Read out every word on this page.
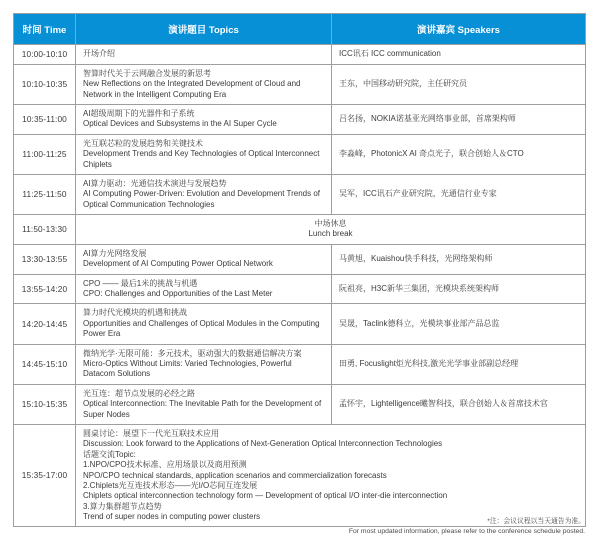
时间 Time	演讲题目 Topics	演讲嘉宾 Speakers
10:00-10:10	开场介绍	ICC讯石 ICC communication
10:10-10:35	智算时代关于云网融合发展的新思考
New Reflections on the Integrated Development of Cloud and Network in the Intelligent Computing Era	王东，中国移动研究院，主任研究员
10:35-11:00	AI超级周期下的光器件和子系统
Optical Devices and Subsystems in the AI Super Cycle	吕名扬，NOKIA诺基亚光网络事业部，首席架构师
11:00-11:25	光互联芯粒的发展趋势和关键技术
Development Trends and Key Technologies of Optical Interconnect Chiplets	李淼峰，PhotonicX AI 奇点光子，联合创始人＆CTO
11:25-11:50	AI算力驱动：光通信技术演进与发展趋势
AI Computing Power-Driven: Evolution and Development Trends of Optical Communication Technologies	吴军，ICC讯石产业研究院，光通信行业专家
11:50-13:30	中场休息
Lunch break	

13:30-13:55	AI算力光网络发展
Development of AI Computing Power Optical Network	马黄旭，Kuaishou快手科技，光网络架构师
13:55-14:20	CPO —— 最后1米的挑战与机遇
CPO: Challenges and Opportunities of the Last Meter	阮祖亮，H3C新华三集团，光模块系统架构师
14:20-14:45	算力时代光模块的机遇和挑战
Opportunities and Challenges of Optical Modules in the Computing Power Era	吴晟，Taclink德科立，光模块事业部产品总监
14:45-15:10	微纳光学·无限可能：多元技术，驱动强大的数据通信解决方案
Micro-Optics Without Limits: Varied Technologies, Powerful Datacom Solutions	田勇, Focuslight炬光科技,激光光学事业部副总经理
15:10-15:35	光互连：超节点发展的必经之路
Optical Interconnection: The Inevitable Path for the Development of Super Nodes	孟怀宇，Lightelligence曦智科技，联合创始人＆首席技术官
15:35-17:00	
圆桌讨论：展望下一代光互联技术应用
Discussion: Look forward to the Applications of Next-Generation Optical Interconnection Technologies
话题交流Topic:
1.NPO/CPO技术标准、应用场景以及商用预测
NPO/CPO technical standards, application scenarios and commercialization forecasts
2.Chiplets光互连技术形态——光I/O芯间互连发展
Chiplets optical interconnection technology form — Development of optical I/O inter-die interconnection
3.算力集群超节点趋势
Trend of super nodes in computing power clusters
*注：会议议程以当天通告为准。
For most updated information, please refer to the conference schedule posted.
